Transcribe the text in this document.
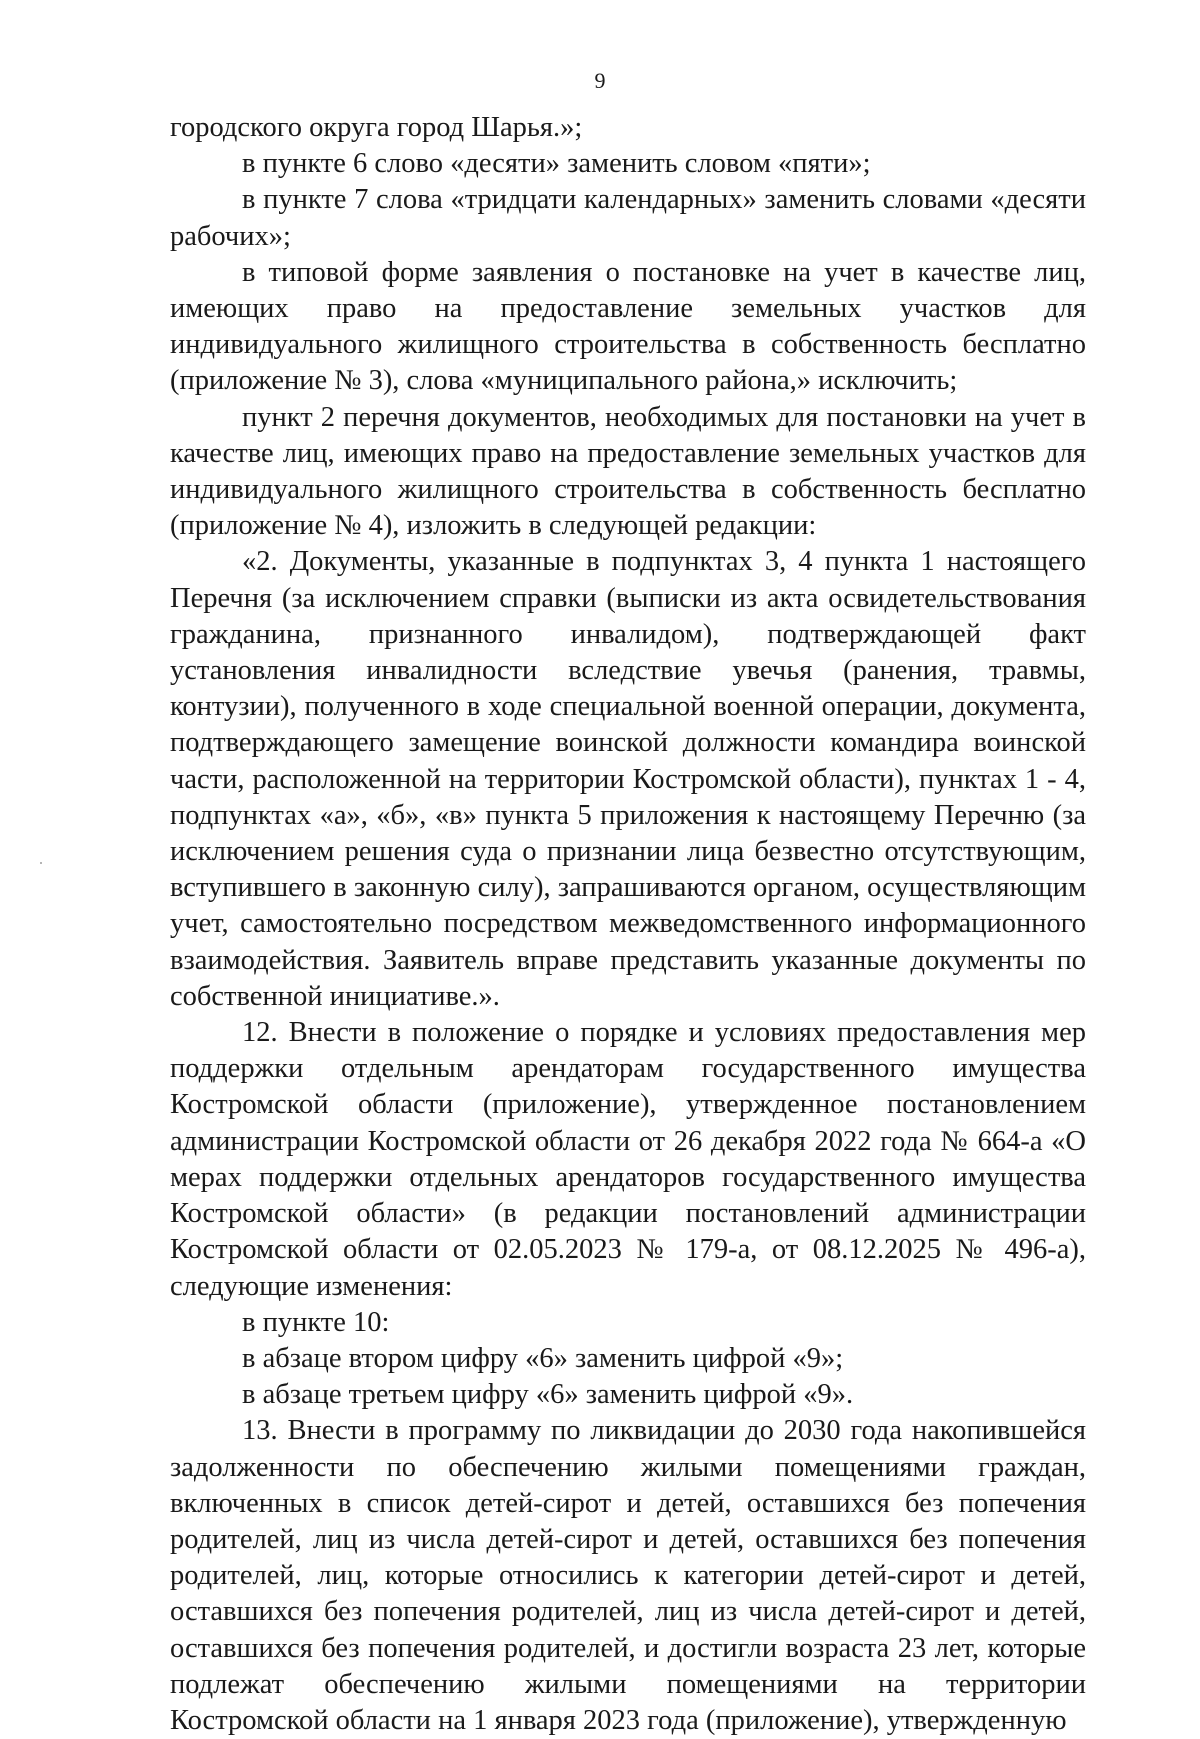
9

городского округа город Шарья.»;

в пункте 6 слово «десяти» заменить словом «пяти»;

в пункте 7 слова «тридцати календарных» заменить словами «десяти рабочих»;

в типовой форме заявления о постановке на учет в качестве лиц, имеющих право на предоставление земельных участков для индивидуального жилищного строительства в собственность бесплатно (приложение № 3), слова «муниципального района,» исключить;

пункт 2 перечня документов, необходимых для постановки на учет в качестве лиц, имеющих право на предоставление земельных участков для индивидуального жилищного строительства в собственность бесплатно (приложение № 4), изложить в следующей редакции:

«2. Документы, указанные в подпунктах 3, 4 пункта 1 настоящего Перечня (за исключением справки (выписки из акта освидетельствования гражданина, признанного инвалидом), подтверждающей факт установления инвалидности вследствие увечья (ранения, травмы, контузии), полученного в ходе специальной военной операции, документа, подтверждающего замещение воинской должности командира воинской части, расположенной на территории Костромской области), пунктах 1 - 4, подпунктах «а», «б», «в» пункта 5 приложения к настоящему Перечню (за исключением решения суда о признании лица безвестно отсутствующим, вступившего в законную силу), запрашиваются органом, осуществляющим учет, самостоятельно посредством межведомственного информационного взаимодействия. Заявитель вправе представить указанные документы по собственной инициативе.».

12. Внести в положение о порядке и условиях предоставления мер поддержки отдельным арендаторам государственного имущества Костромской области (приложение), утвержденное постановлением администрации Костромской области от 26 декабря 2022 года № 664-а «О мерах поддержки отдельных арендаторов государственного имущества Костромской области» (в редакции постановлений администрации Костромской области от 02.05.2023 № 179-а, от 08.12.2025 № 496-а), следующие изменения:

в пункте 10:

в абзаце втором цифру «6» заменить цифрой «9»;

в абзаце третьем цифру «6» заменить цифрой «9».

13. Внести в программу по ликвидации до 2030 года накопившейся задолженности по обеспечению жилыми помещениями граждан, включенных в список детей-сирот и детей, оставшихся без попечения родителей, лиц из числа детей-сирот и детей, оставшихся без попечения родителей, лиц, которые относились к категории детей-сирот и детей, оставшихся без попечения родителей, лиц из числа детей-сирот и детей, оставшихся без попечения родителей, и достигли возраста 23 лет, которые подлежат обеспечению жилыми помещениями на территории Костромской области на 1 января 2023 года (приложение), утвержденную
